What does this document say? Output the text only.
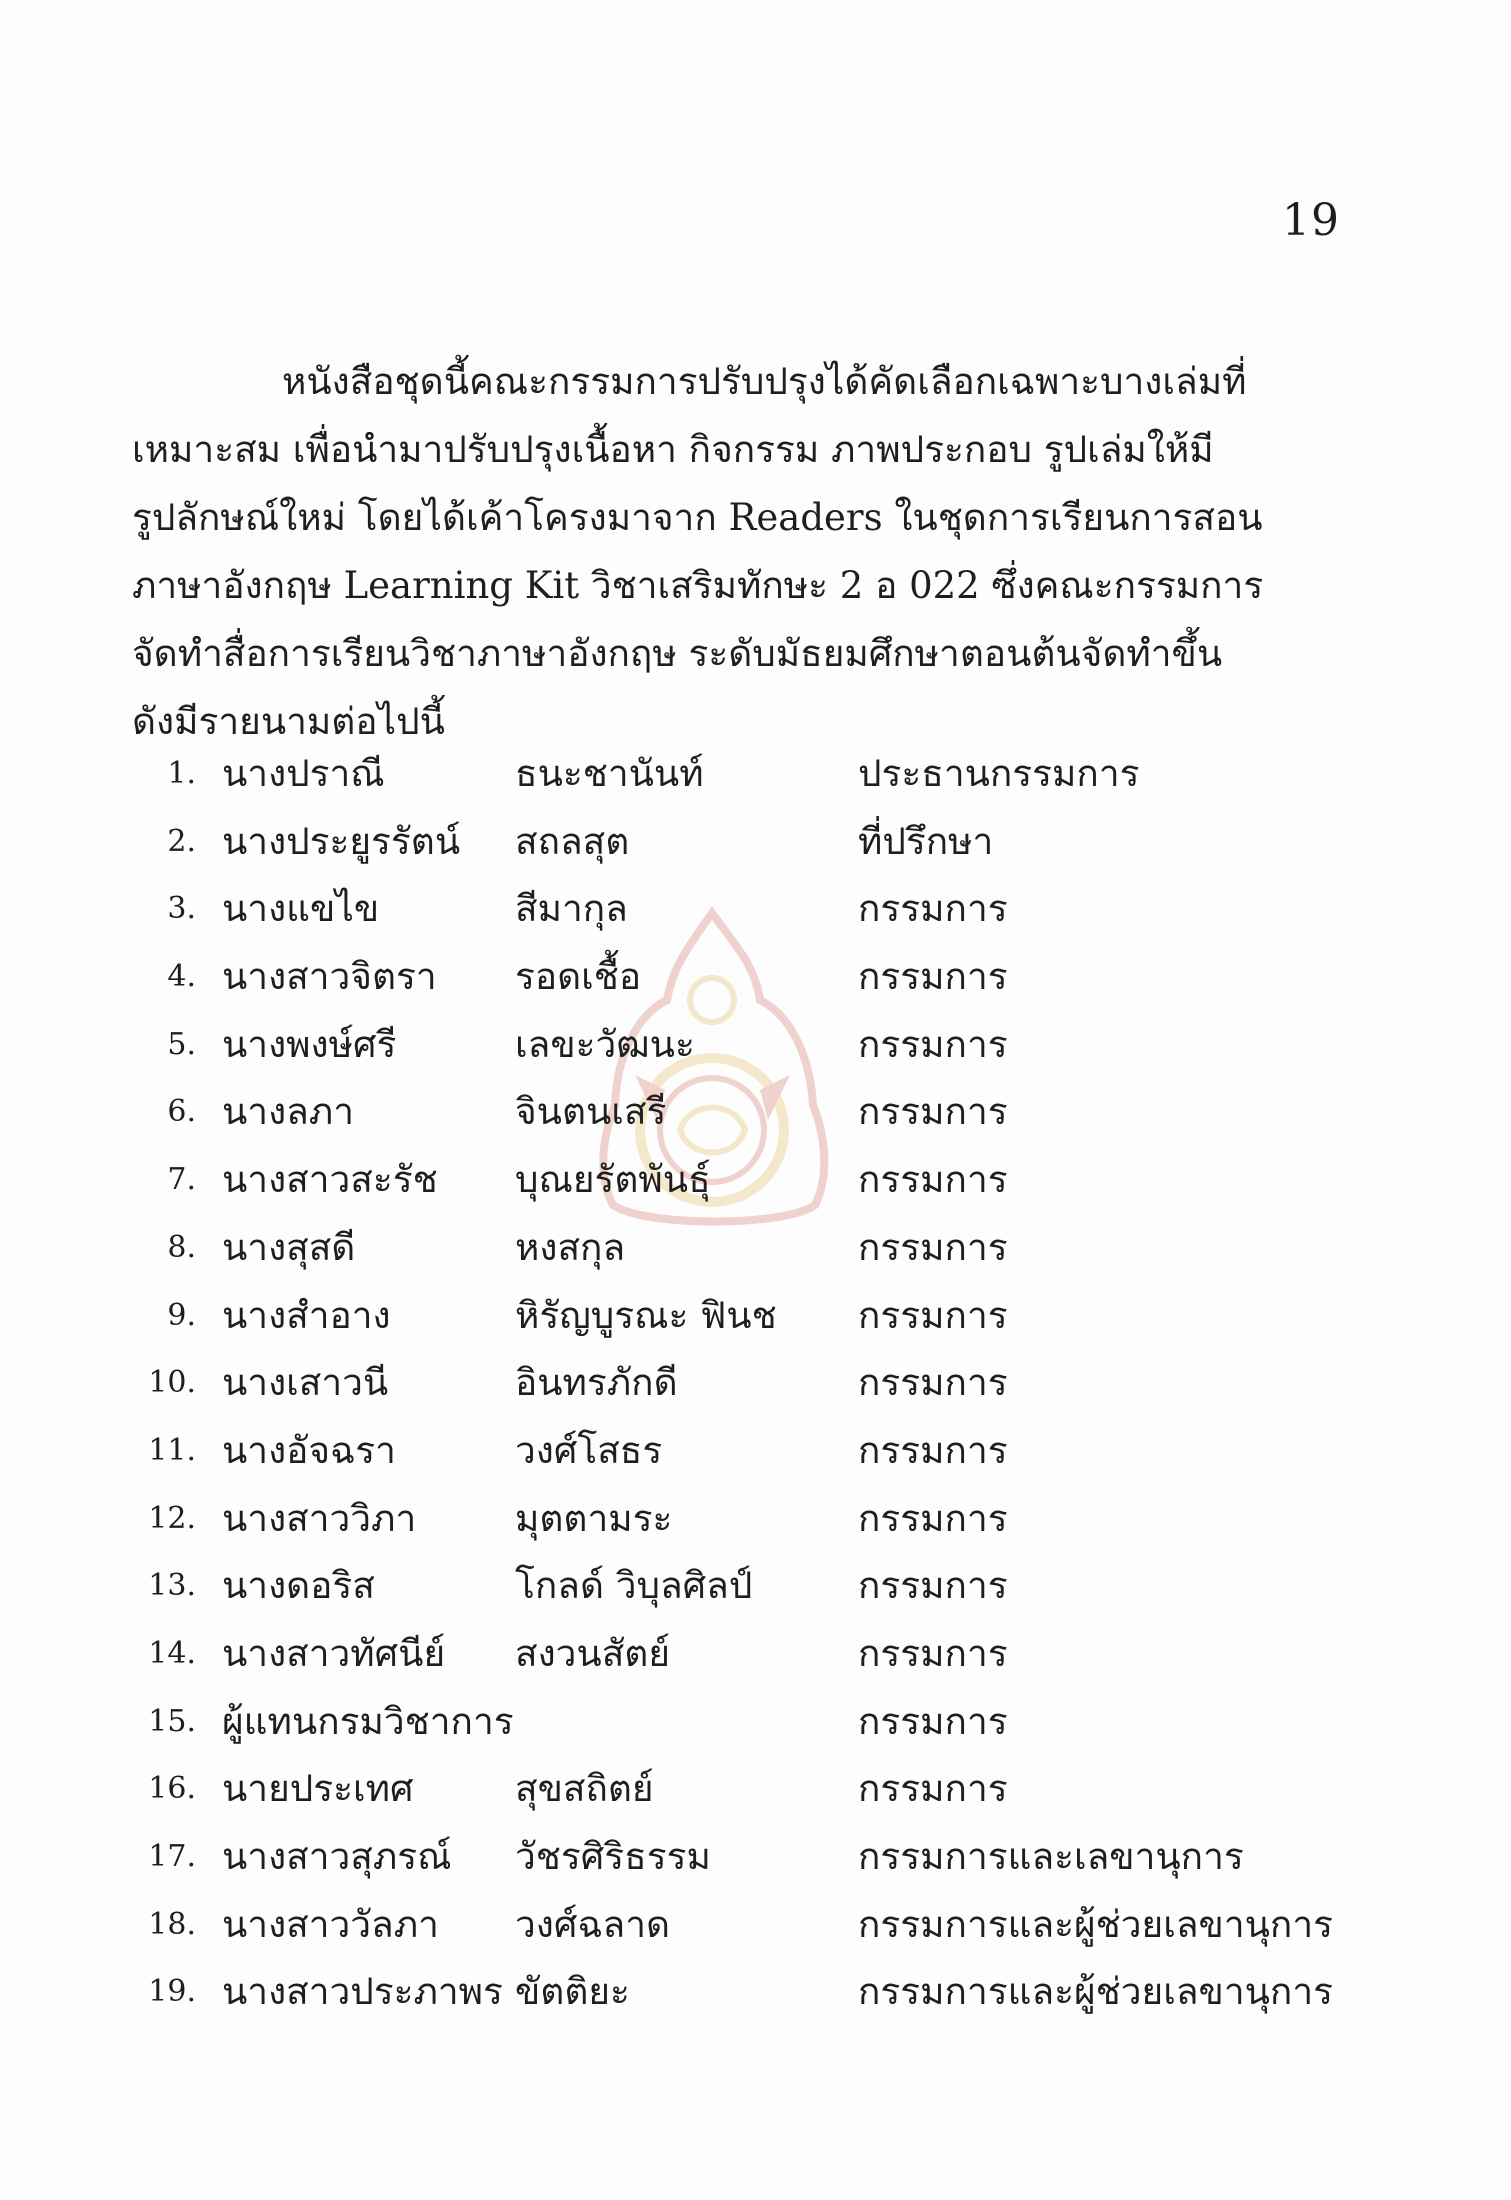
19
หนังสือชุดนี้คณะกรรมการปรับปรุงได้คัดเลือกเฉพาะบางเล่มที่
เหมาะสม เพื่อนำมาปรับปรุงเนื้อหา กิจกรรม ภาพประกอบ รูปเล่มให้มี
รูปลักษณ์ใหม่ โดยได้เค้าโครงมาจาก Readers ในชุดการเรียนการสอน
ภาษาอังกฤษ Learning Kit วิชาเสริมทักษะ 2 อ 022 ซึ่งคณะกรรมการ
จัดทำสื่อการเรียนวิชาภาษาอังกฤษ ระดับมัธยมศึกษาตอนต้นจัดทำขึ้น
ดังมีรายนามต่อไปนี้
1. นางปราณี	ธนะชานันท์	ประธานกรรมการ
2. นางประยูรรัตน์ สถลสุต	ที่ปรึกษา
3. นางแขไข	สีมากุล	กรรมการ
4. นางสาวจิตรา รอดเชื้อ	กรรมการ
5. นางพงษ์ศรี	เลขะวัฒนะ	กรรมการ
6. นางลภา	จินตนเสรี	กรรมการ
7. นางสาวสะรัช บุณยรัตพันธุ์	กรรมการ
8. นางสุสดี	หงสกุล	กรรมการ
9. นางสำอาง	หิรัญบูรณะ ฟินช กรรมการ
10. นางเสาวนี	อินทรภักดี	กรรมการ
11. นางอัจฉรา	วงศ์โสธร	กรรมการ
12. นางสาววิภา	มุตตามระ	กรรมการ
13. นางดอริส	โกลด์ วิบุลศิลป์	กรรมการ
14. นางสาวทัศนีย์ สงวนสัตย์	กรรมการ
15. ผู้แทนกรมวิชาการ	กรรมการ
16. นายประเทศ	สุขสถิตย์	กรรมการ
17. นางสาวสุภรณ์ วัชรศิริธรรม	กรรมการและเลขานุการ
18. นางสาววัลภา วงศ์ฉลาด	กรรมการและผู้ช่วยเลขานุการ
19. นางสาวประภาพร ขัตติยะ	กรรมการและผู้ช่วยเลขานุการ
